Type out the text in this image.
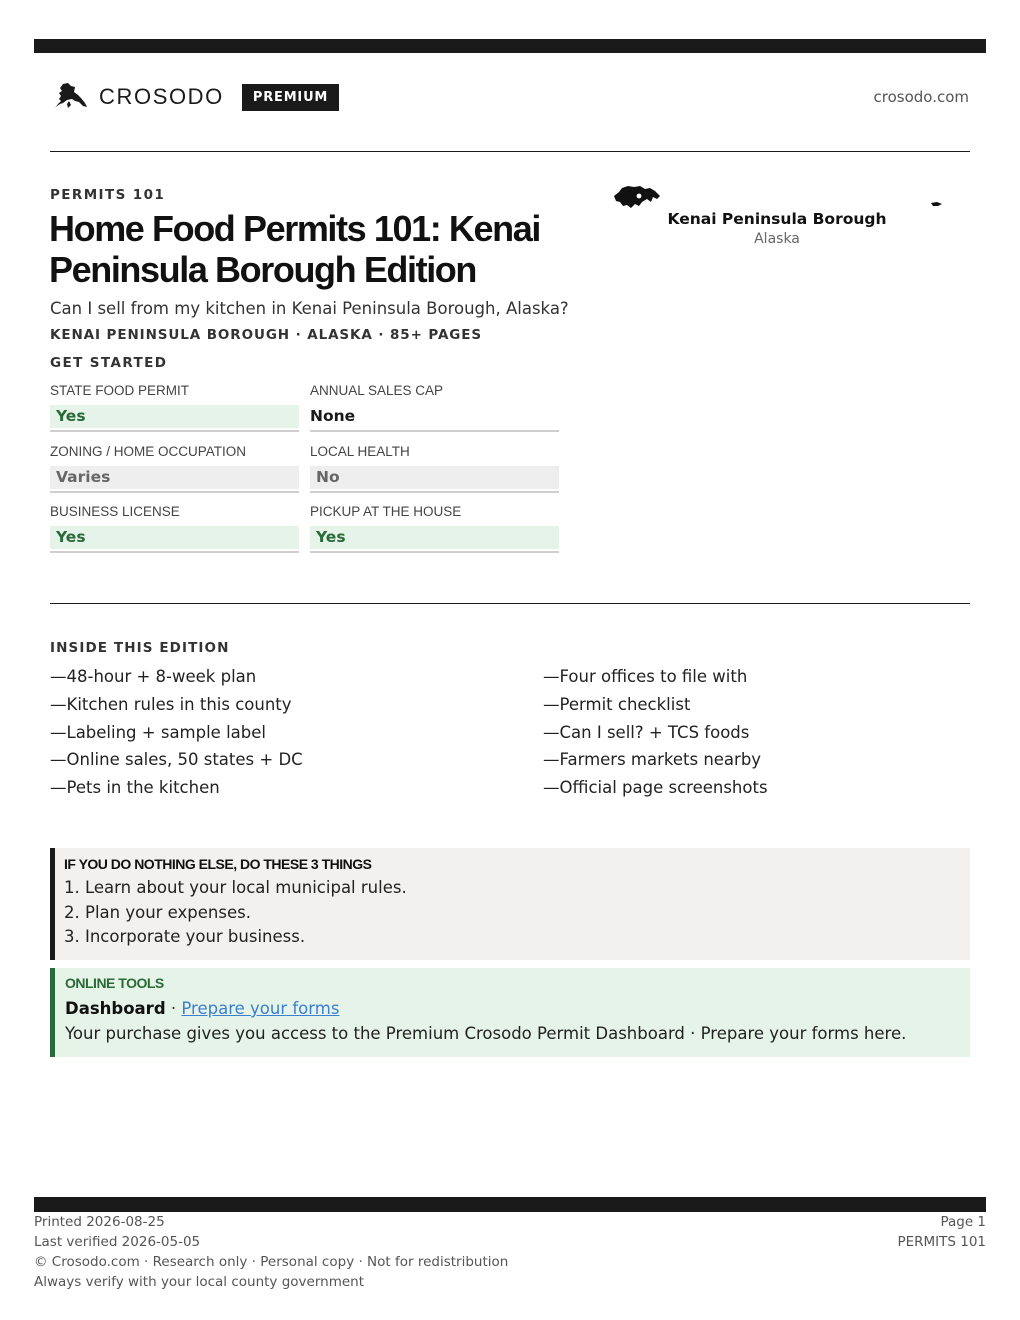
CROSODO	PREMIUM	crosodo.com
PERMITS 101
Home Food Permits 101: Kenai Peninsula Borough Edition
Can I sell from my kitchen in Kenai Peninsula Borough, Alaska?
KENAI PENINSULA BOROUGH · ALASKA · 85+ PAGES
GET STARTED
STATE FOOD PERMIT
Yes
ANNUAL SALES CAP
None
ZONING / HOME OCCUPATION
Varies
LOCAL HEALTH
No
BUSINESS LICENSE
Yes
PICKUP AT THE HOUSE
Yes
Kenai Peninsula Borough
Alaska
INSIDE THIS EDITION
—48-hour + 8-week plan
—Kitchen rules in this county
—Labeling + sample label
—Online sales, 50 states + DC
—Pets in the kitchen
—Four offices to file with
—Permit checklist
—Can I sell? + TCS foods
—Farmers markets nearby
—Official page screenshots
IF YOU DO NOTHING ELSE, DO THESE 3 THINGS
1. Learn about your local municipal rules.
2. Plan your expenses.
3. Incorporate your business.
ONLINE TOOLS
Dashboard · Prepare your forms
Your purchase gives you access to the Premium Crosodo Permit Dashboard · Prepare your forms here.
Printed 2026-08-25
Last verified 2026-05-05
© Crosodo.com · Research only · Personal copy · Not for redistribution
Always verify with your local county government
Page 1
PERMITS 101
